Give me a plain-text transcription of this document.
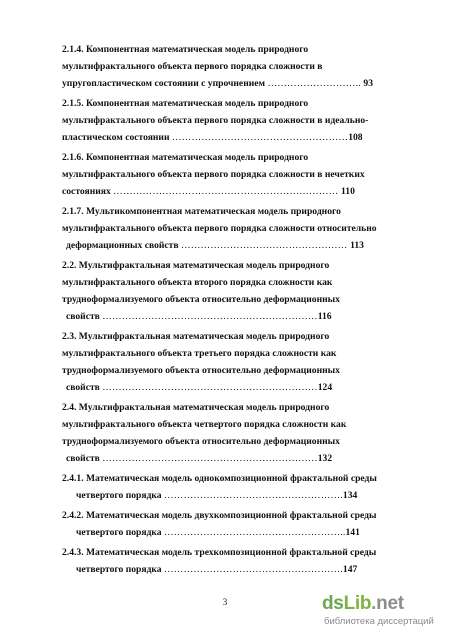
2.1.4. Компонентная математическая модель природного
мультифрактального объекта первого порядка сложности в
упругопластическом состоянии с упрочнением ……………………….. 93
2.1.5. Компонентная математическая модель природного
мультифрактального объекта первого порядка сложности в идеально-
пластическом состоянии ………………………………………………108
2.1.6. Компонентная математическая модель природного
мультифрактального объекта первого порядка сложности в нечетких
состояниях …………………………………………………………… 110
2.1.7. Мультикомпонентная математическая модель природного
мультифрактального объекта первого порядка сложности относительно
деформационных свойств …………………………………………… 113
2.2. Мультифрактальная математическая модель природного
мультифрактального объекта второго порядка сложности как
трудноформализуемого объекта относительно деформационных
свойств …………………………………………………………116
2.3. Мультифрактальная математическая модель природного
мультифрактального объекта третьего порядка сложности как
трудноформализуемого объекта относительно деформационных
свойств …………………………………………………………124
2.4. Мультифрактальная математическая модель природного
мультифрактального объекта четвертого порядка сложности как
трудноформализуемого объекта относительно деформационных
свойств …………………………………………………………132
2.4.1. Математическая модель однокомпозиционной фрактальной среды
четвертого порядка ……………………………………………….134
2.4.2. Математическая модель двухкомпозиционной фрактальной среды
четвертого порядка ………………………………………………..141
2.4.3. Математическая модель трехкомпозиционной фрактальной среды
четвертого порядка ……………………………………………….147
3	dsLib.net
библиотека диссертаций
